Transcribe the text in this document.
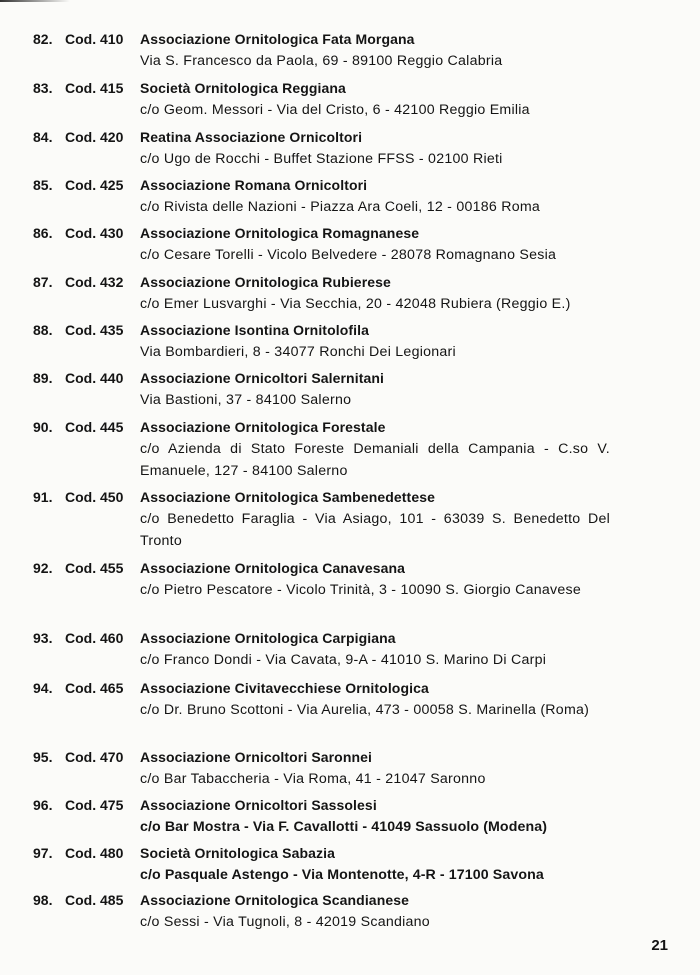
82. Cod. 410 Associazione Ornitologica Fata Morgana
Via S. Francesco da Paola, 69 - 89100 Reggio Calabria
83. Cod. 415 Società Ornitologica Reggiana
c/o Geom. Messori - Via del Cristo, 6 - 42100 Reggio Emilia
84. Cod. 420 Reatina Associazione Ornicoltori
c/o Ugo de Rocchi - Buffet Stazione FFSS - 02100 Rieti
85. Cod. 425 Associazione Romana Ornicoltori
c/o Rivista delle Nazioni - Piazza Ara Coeli, 12 - 00186 Roma
86. Cod. 430 Associazione Ornitologica Romagnanese
c/o Cesare Torelli - Vicolo Belvedere - 28078 Romagnano Sesia
87. Cod. 432 Associazione Ornitologica Rubierese
c/o Emer Lusvarghi - Via Secchia, 20 - 42048 Rubiera (Reggio E.)
88. Cod. 435 Associazione Isontina Ornitolofila
Via Bombardieri, 8 - 34077 Ronchi Dei Legionari
89. Cod. 440 Associazione Ornicoltori Salernitani
Via Bastioni, 37 - 84100 Salerno
90. Cod. 445 Associazione Ornitologica Forestale
c/o Azienda di Stato Foreste Demaniali della Campania - C.so V. Emanuele, 127 - 84100 Salerno
91. Cod. 450 Associazione Ornitologica Sambenedettese
c/o Benedetto Faraglia - Via Asiago, 101 - 63039 S. Benedetto Del Tronto
92. Cod. 455 Associazione Ornitologica Canavesana
c/o Pietro Pescatore - Vicolo Trinità, 3 - 10090 S. Giorgio Canavese
93. Cod. 460 Associazione Ornitologica Carpigiana
c/o Franco Dondi - Via Cavata, 9-A - 41010 S. Marino Di Carpi
94. Cod. 465 Associazione Civitavecchiese Ornitologica
c/o Dr. Bruno Scottoni - Via Aurelia, 473 - 00058 S. Marinella (Roma)
95. Cod. 470 Associazione Ornicoltori Saronnei
c/o Bar Tabaccheria - Via Roma, 41 - 21047 Saronno
96. Cod. 475 Associazione Ornicoltori Sassolesi
c/o Bar Mostra - Via F. Cavallotti - 41049 Sassuolo (Modena)
97. Cod. 480 Società Ornitologica Sabazia
c/o Pasquale Astengo - Via Montenotte, 4-R - 17100 Savona
98. Cod. 485 Associazione Ornitologica Scandianese
c/o Sessi - Via Tugnoli, 8 - 42019 Scandiano
21
